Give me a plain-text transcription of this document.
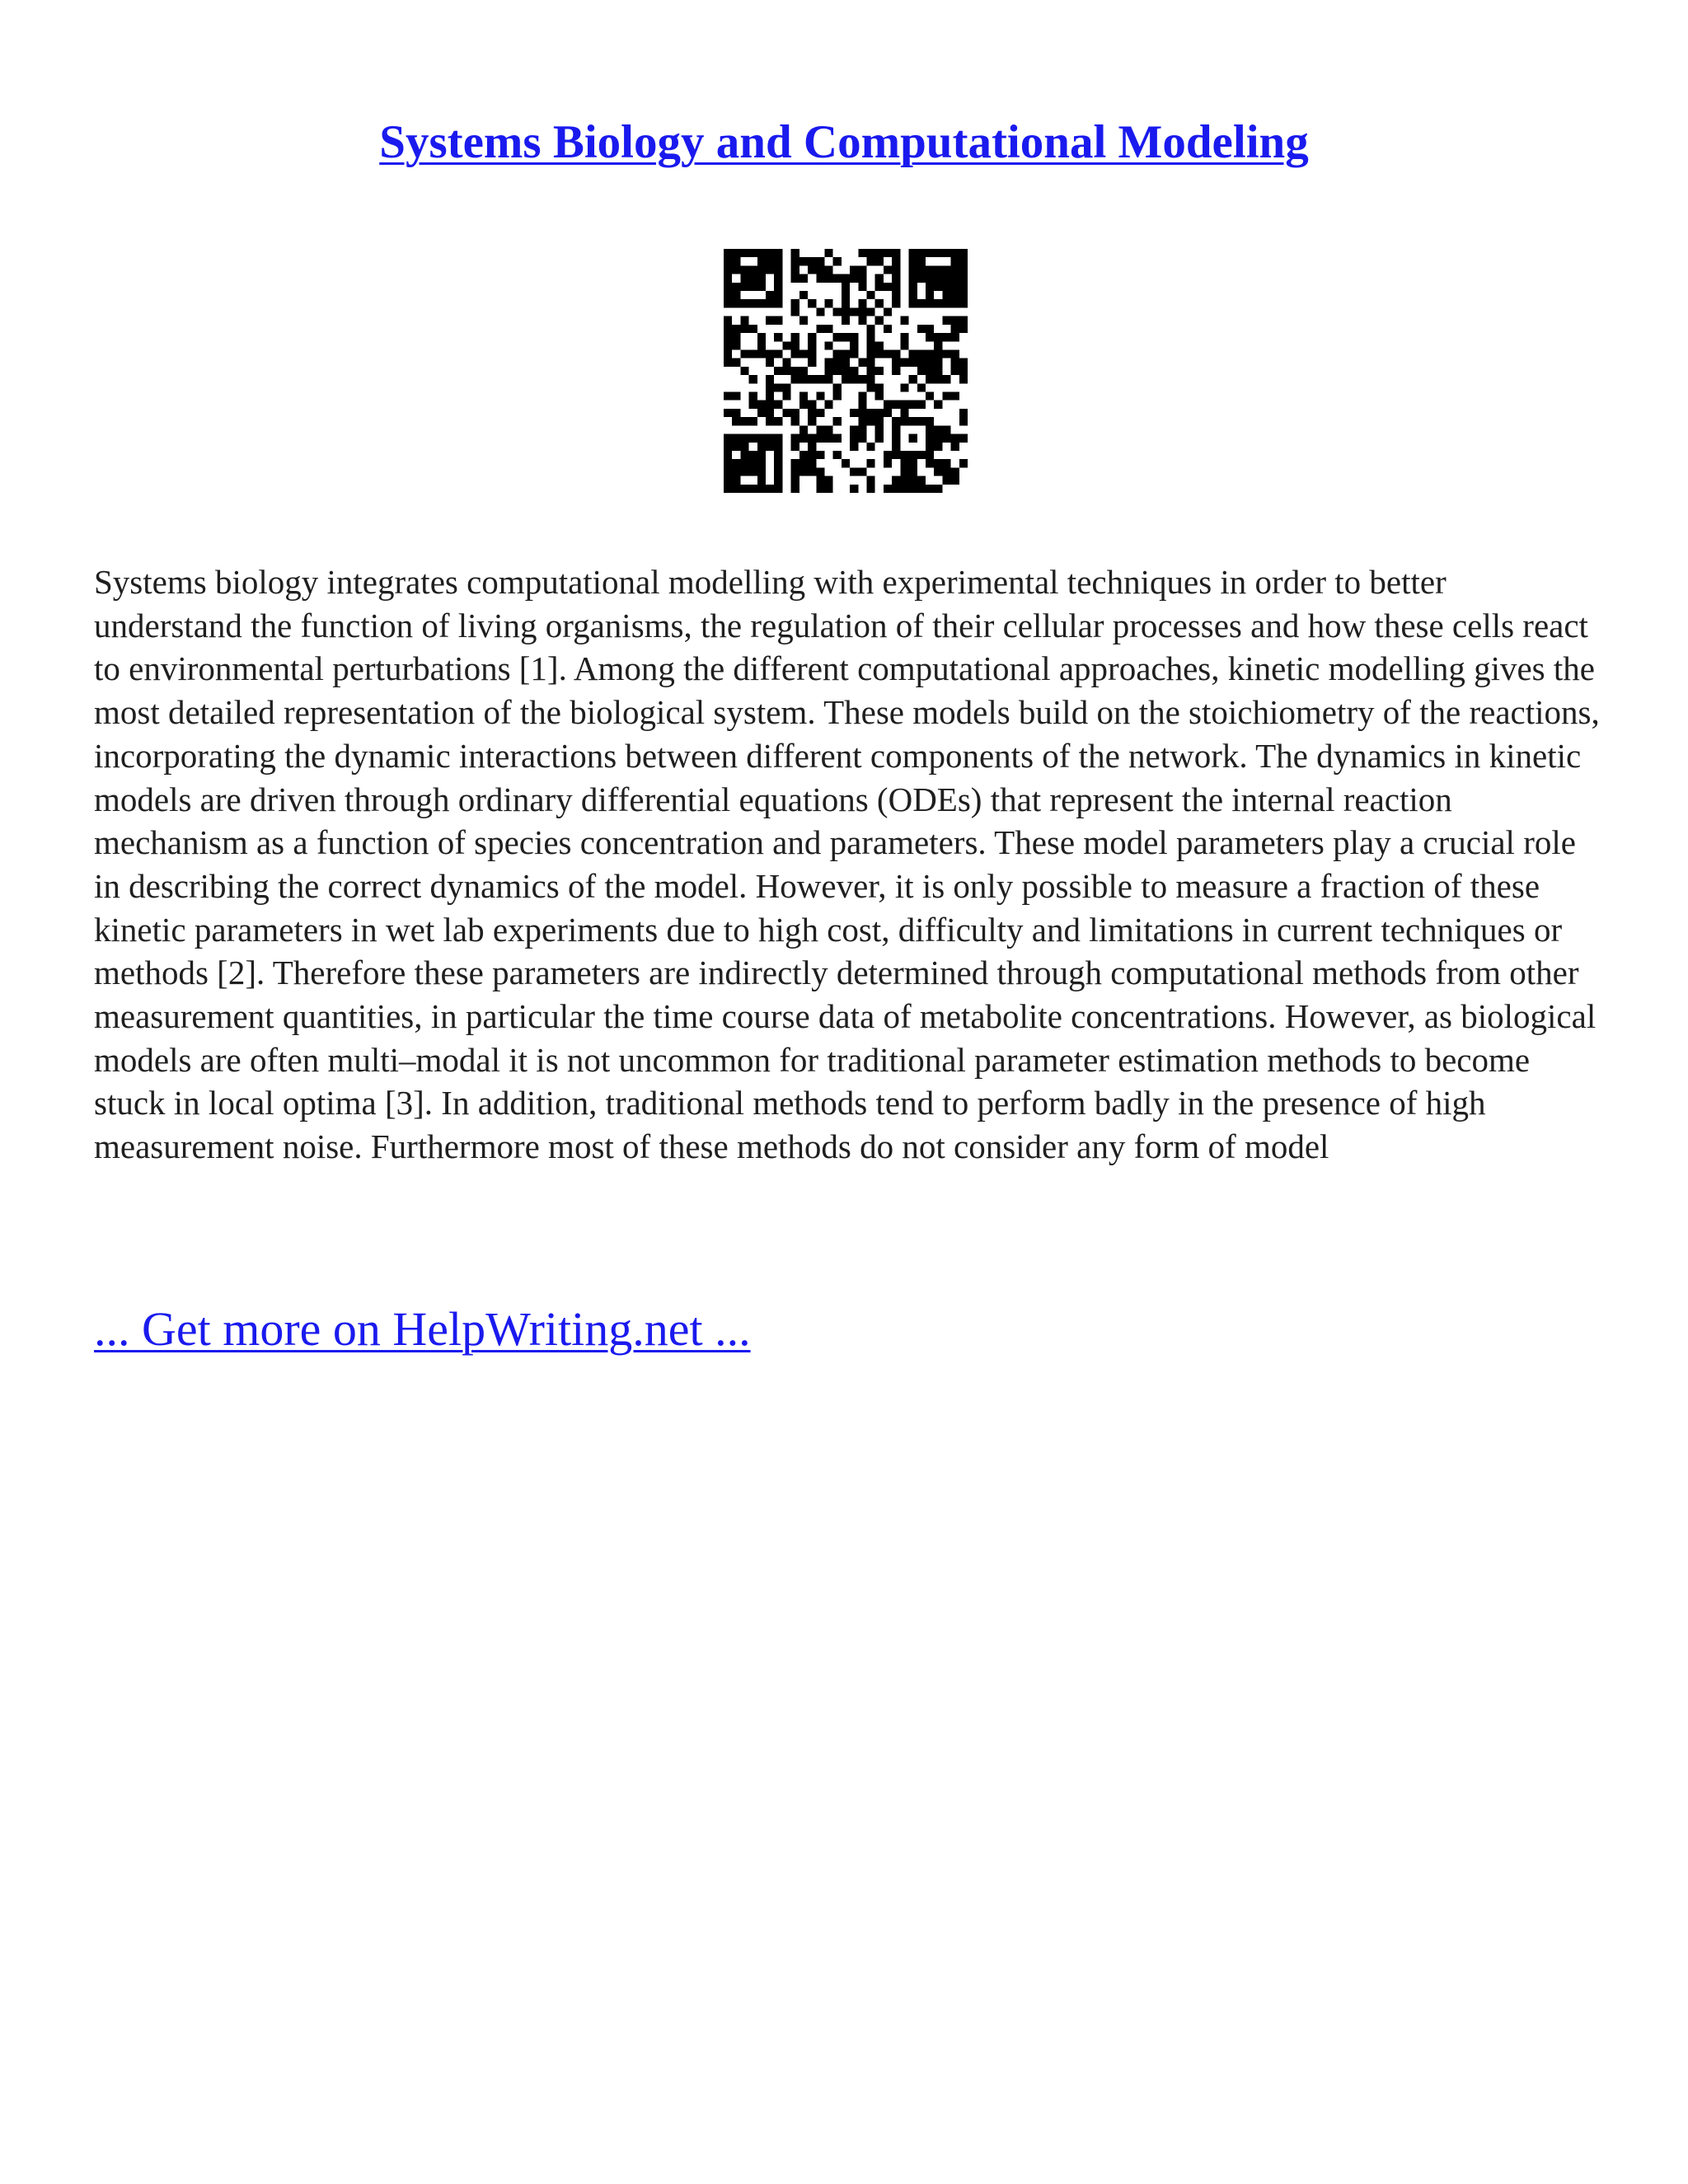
Systems Biology and Computational Modeling

Systems biology integrates computational modelling with experimental techniques in order to better understand the function of living organisms, the regulation of their cellular processes and how these cells react to environmental perturbations [1]. Among the different computational approaches, kinetic modelling gives the most detailed representation of the biological system. These models build on the stoichiometry of the reactions, incorporating the dynamic interactions between different components of the network. The dynamics in kinetic models are driven through ordinary differential equations (ODEs) that represent the internal reaction mechanism as a function of species concentration and parameters. These model parameters play a crucial role in describing the correct dynamics of the model. However, it is only possible to measure a fraction of these kinetic parameters in wet lab experiments due to high cost, difficulty and limitations in current techniques or methods [2]. Therefore these parameters are indirectly determined through computational methods from other measurement quantities, in particular the time course data of metabolite concentrations. However, as biological models are often multi–modal it is not uncommon for traditional parameter estimation methods to become stuck in local optima [3]. In addition, traditional methods tend to perform badly in the presence of high measurement noise. Furthermore most of these methods do not consider any form of model

... Get more on HelpWriting.net ...
